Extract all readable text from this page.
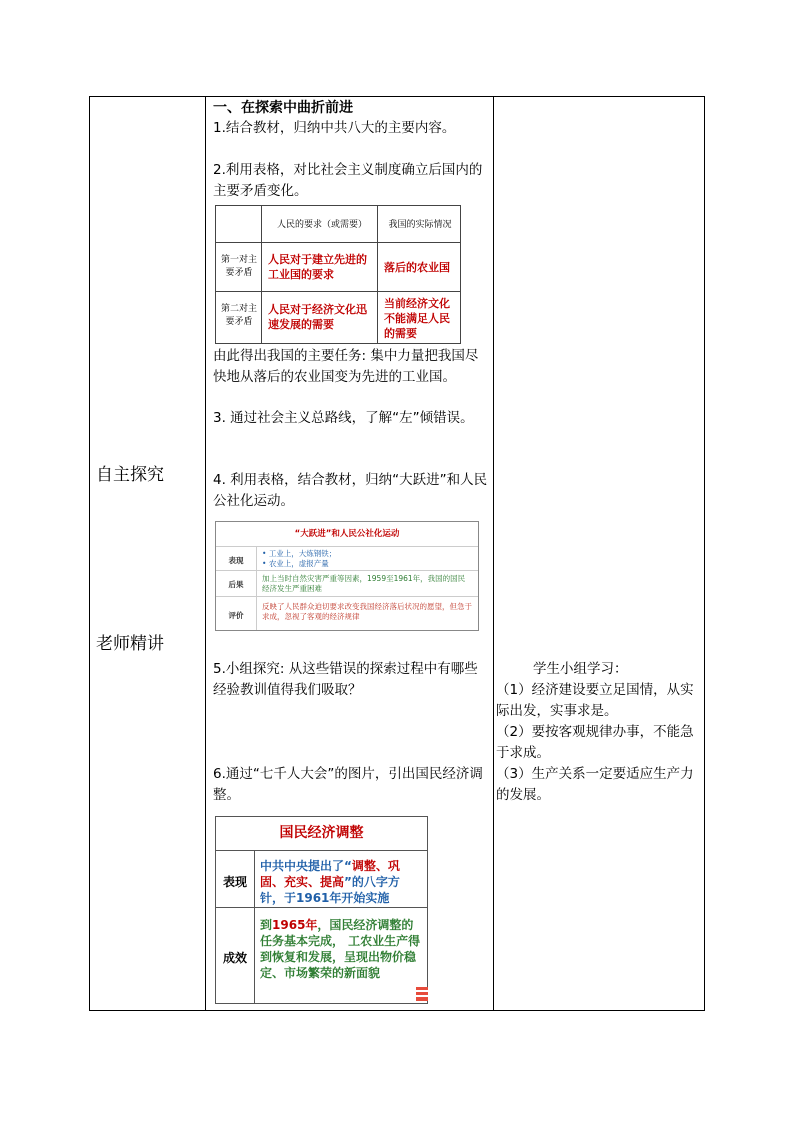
自主探究
老师精讲
一、在探索中曲折前进
1.结合教材，归纳中共八大的主要内容。
2.利用表格，对比社会主义制度确立后国内的主要矛盾变化。
人民的要求（或需要）	我国的实际情况
第一对主要矛盾
人民对于建立先进的工业国的要求
落后的农业国
第二对主要矛盾
人民对于经济文化迅速发展的需要
当前经济文化不能满足人民的需要
由此得出我国的主要任务: 集中力量把我国尽快地从落后的农业国变为先进的工业国。
3. 通过社会主义总路线，了解“左”倾错误。
4. 利用表格，结合教材，归纳“大跃进”和人民公社化运动。
“大跃进”和人民公社化运动
表现
• 工业上，大炼钢铁；
• 农业上，虚报产量
后果
加上当时自然灾害严重等因素，1959至1961年，我国的国民经济发生严重困难
评价
反映了人民群众迫切要求改变我国经济落后状况的愿望，但急于求成，忽视了客观的经济规律
5.小组探究: 从这些错误的探索过程中有哪些经验教训值得我们吸取？
6.通过“七千人大会”的图片，引出国民经济调整。
国民经济调整
表现
中共中央提出了“调整、巩固、充实、提高”的八字方针，于1961年开始实施
成效
到1965年，国民经济调整的任务基本完成， 工农业生产得到恢复和发展，呈现出物价稳定、市场繁荣的新面貌
学生小组学习：
（1）经济建设要立足国情，从实际出发，实事求是。
（2）要按客观规律办事，不能急于求成。
（3）生产关系一定要适应生产力的发展。
